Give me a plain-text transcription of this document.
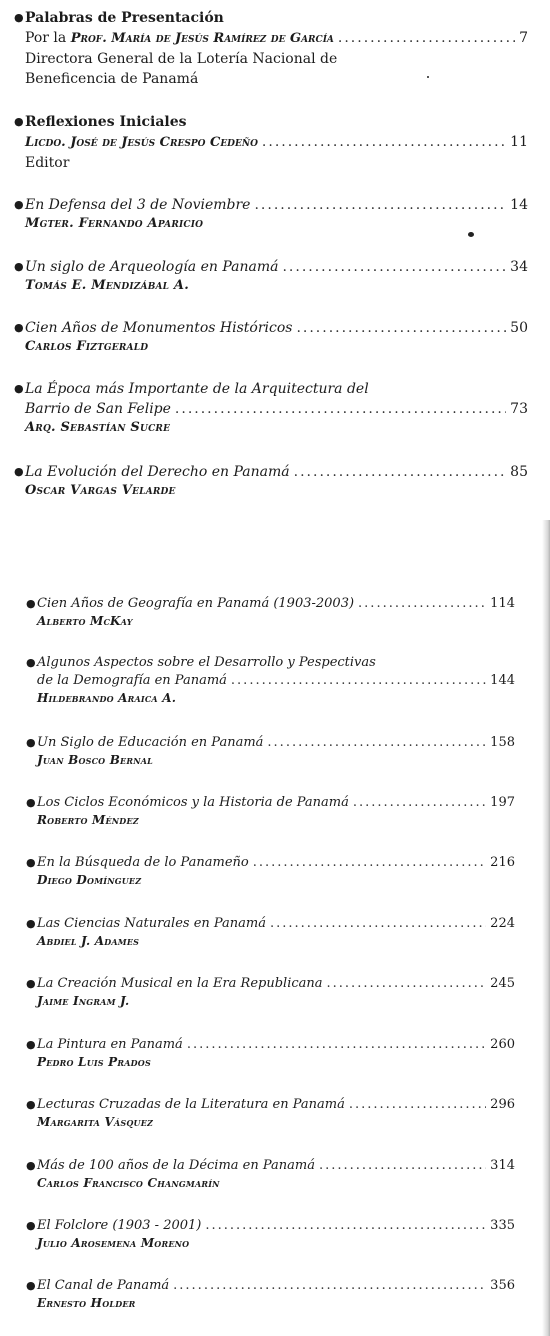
● Palabras de Presentación
Por la Prof. María de Jesús Ramírez de García .....	7
Directora General de la Lotería Nacional de
Beneficencia de Panamá
● Reflexiones Iniciales
Licdo. José de Jesús Crespo Cedeño .....	11
Editor
● En Defensa del 3 de Noviembre .....	14
Mgter. Fernando Aparicio
● Un siglo de Arqueología en Panamá .....	34
Tomás E. Mendizábal A.
● Cien Años de Monumentos Históricos .....	50
Carlos Fiztgerald
● La Época más Importante de la Arquitectura del
Barrio de San Felipe .....	73
Arq. Sebastían Sucre
● La Evolución del Derecho en Panamá .....	85
Oscar Vargas Velarde
● Cien Años de Geografía en Panamá (1903-2003) .....	114
Alberto McKay
● Algunos Aspectos sobre el Desarrollo y Pespectivas
de la Demografía en Panamá .....	144
Hildebrando Araica A.
● Un Siglo de Educación en Panamá .....	158
Juan Bosco Bernal
● Los Ciclos Económicos y la Historia de Panamá .....	197
Roberto Méndez
● En la Búsqueda de lo Panameño .....	216
Diego Domínguez
● Las Ciencias Naturales en Panamá .....	224
Abdiel J. Adames
● La Creación Musical en la Era Republicana .....	245
Jaime Ingram J.
● La Pintura en Panamá .....	260
Pedro Luis Prados
● Lecturas Cruzadas de la Literatura en Panamá .....	296
Margarita Vásquez
● Más de 100 años de la Décima en Panamá .....	314
Carlos Francisco Changmarín
● El Folclore (1903 - 2001) .....	335
Julio Arosemena Moreno
● El Canal de Panamá .....	356
Ernesto Holder
